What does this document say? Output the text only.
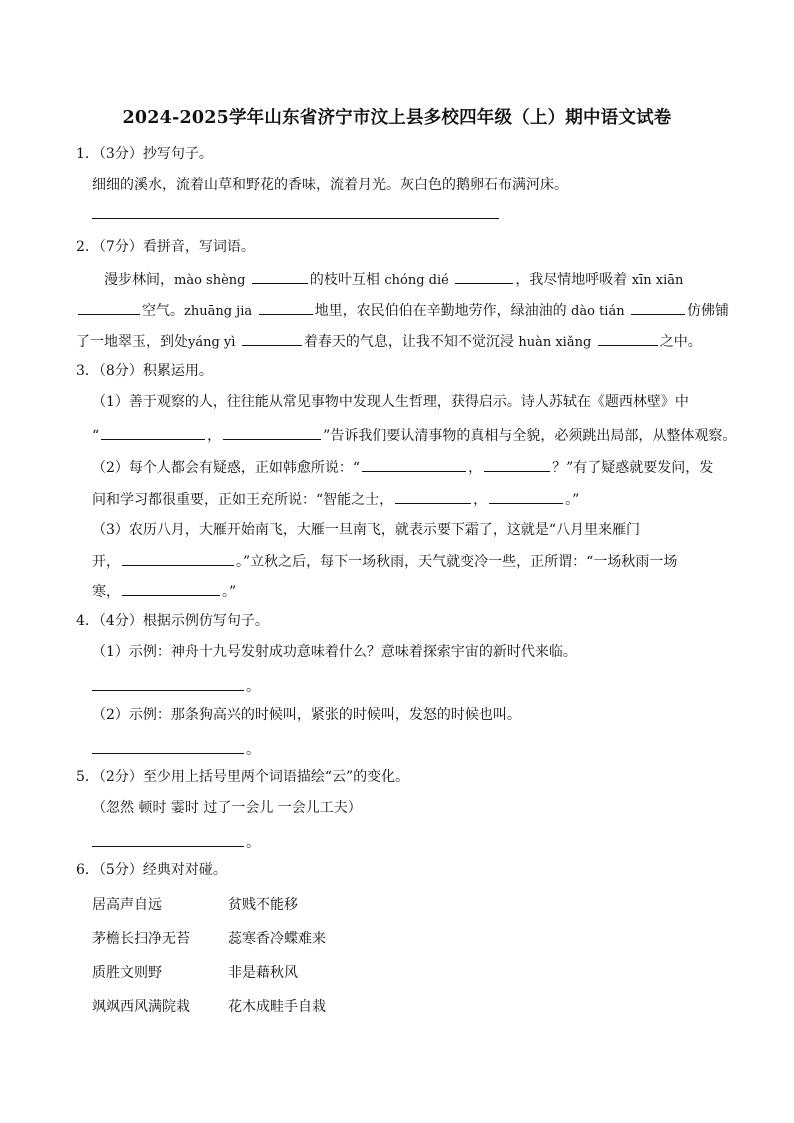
2024-2025学年山东省济宁市汶上县多校四年级（上）期中语文试卷
1．（3分）抄写句子。
细细的溪水，流着山草和野花的香味，流着月光。灰白色的鹅卵石布满河床。
2．（7分）看拼音，写词语。
漫步林间，mào shèng	的枝叶互相 chóng dié	，我尽情地呼吸着 xīn xiān
空气。zhuāng jia	地里，农民伯伯在辛勤地劳作，绿油油的 dào tián	仿佛铺
了一地翠玉，到处yáng yì	着春天的气息，让我不知不觉沉浸 huàn xiǎng	之中。
3．（8分）积累运用。
（1）善于观察的人，往往能从常见事物中发现人生哲理，获得启示。诗人苏轼在《题西林壁》中
“	，	”告诉我们要认清事物的真相与全貌，必须跳出局部，从整体观察。
（2）每个人都会有疑惑，正如韩愈所说：“	，	？”有了疑惑就要发问，发
问和学习都很重要，正如王充所说：“智能之士，	，	。”
（3）农历八月，大雁开始南飞，大雁一旦南飞，就表示要下霜了，这就是“八月里来雁门
开，	。”立秋之后，每下一场秋雨，天气就变冷一些，正所谓：“一场秋雨一场
寒，	。”
4．（4分）根据示例仿写句子。
（1）示例：神舟十九号发射成功意味着什么？意味着探索宇宙的新时代来临。
。
（2）示例：那条狗高兴的时候叫，紧张的时候叫，发怒的时候也叫。
。
5．（2分）至少用上括号里两个词语描绘“云”的变化。
（忽然 顿时 霎时 过了一会儿 一会儿工夫）
。
6．（5分）经典对对碰。
居高声自远	贫贱不能移
茅檐长扫净无苔	蕊寒香冷蝶难来
质胜文则野	非是藉秋风
飒飒西风满院栽	花木成畦手自栽
